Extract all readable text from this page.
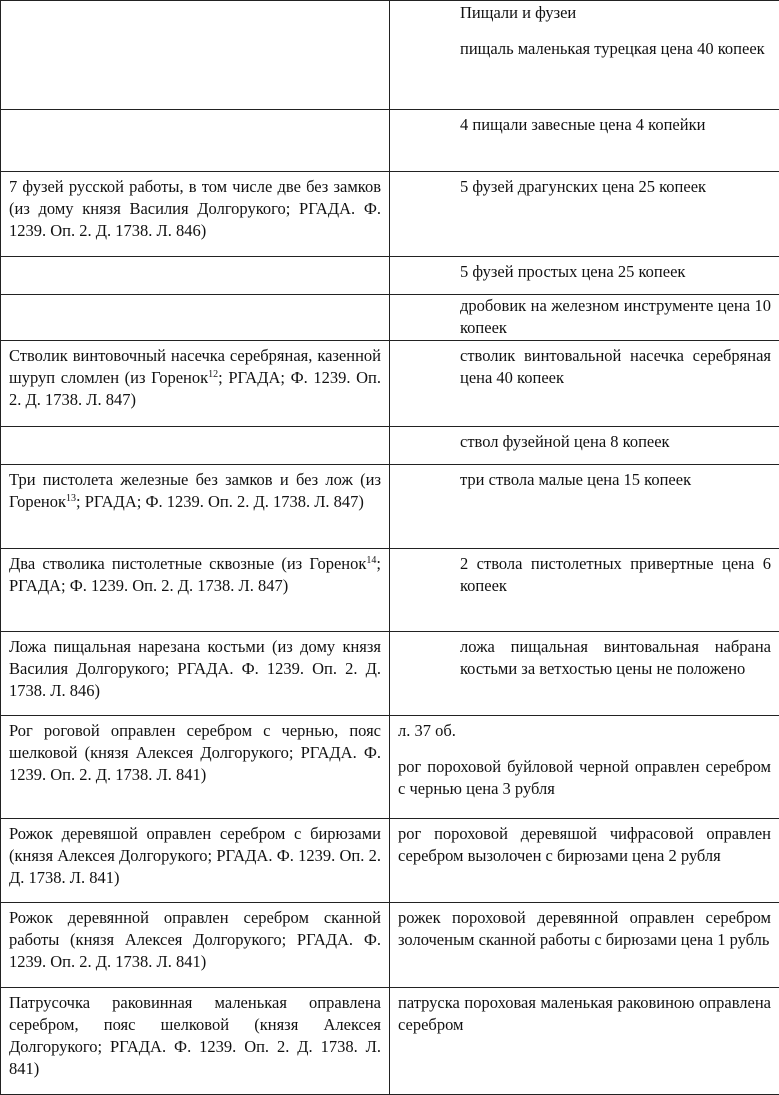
	Пищали и фузеи
пищаль маленькая турецкая цена 40 копеек

	4 пищали завесные цена 4 копейки
7 фузей русской работы, в том числе две без замков (из дому князя Василия Долгорукого; РГАДА. Ф. 1239. Оп. 2. Д. 1738. Л. 846)	5 фузей драгунских цена 25 копеек
	5 фузей простых цена 25 копеек
	дробовик на железном инструменте цена 10 копеек
Стволик винтовочный насечка серебряная, казенной шуруп сломлен (из Горенок$^{12}$; РГАДА; Ф. 1239. Оп. 2. Д. 1738. Л. 847)	стволик винтовальной насечка серебряная цена 40 копеек
	ствол фузейной цена 8 копеек
Три пистолета железные без замков и без лож (из Горенок$^{13}$; РГАДА; Ф. 1239. Оп. 2. Д. 1738. Л. 847)	три ствола малые цена 15 копеек
Два стволика пистолетные сквозные (из Горенок$^{14}$; РГАДА; Ф. 1239. Оп. 2. Д. 1738. Л. 847)	2 ствола пистолетных привертные цена 6 копеек
Ложа пищальная нарезана костьми (из дому князя Василия Долгорукого; РГАДА. Ф. 1239. Оп. 2. Д. 1738. Л. 846)	ложа пищальная винтовальная набрана костьми за ветхостью цены не положено
Рог роговой оправлен серебром с чернью, пояс шелковой (князя Алексея Долгорукого; РГАДА. Ф. 1239. Оп. 2. Д. 1738. Л. 841)	л. 37 об.
рог пороховой буйловой черной оправлен серебром с чернью цена 3 рубля

Рожок деревяшой оправлен серебром с бирюзами (князя Алексея Долгорукого; РГАДА. Ф. 1239. Оп. 2. Д. 1738. Л. 841)	рог пороховой деревяшой чифрасовой оправлен серебром вызолочен с бирюзами цена 2 рубля
Рожок деревянной оправлен серебром сканной работы (князя Алексея Долгорукого; РГАДА. Ф. 1239. Оп. 2. Д. 1738. Л. 841)	рожек пороховой деревянной оправлен серебром золоченым сканной работы с бирюзами цена 1 рубль
Патрусочка раковинная маленькая оправлена серебром, пояс шелковой (князя Алексея Долгорукого; РГАДА. Ф. 1239. Оп. 2. Д. 1738. Л. 841)	патруска пороховая маленькая раковиною оправлена серебром
